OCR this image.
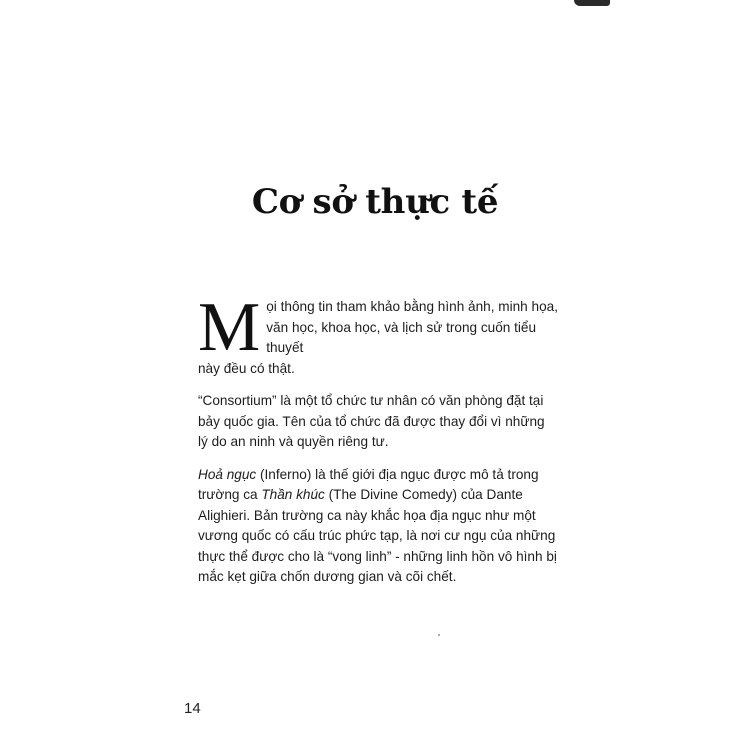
Cơ sở thực tế

M ọi thông tin tham khảo bằng hình ảnh, minh họa,
văn học, khoa học, và lịch sử trong cuốn tiểu thuyết
này đều có thật.

“Consortium” là một tổ chức tư nhân có văn phòng đặt tại bảy quốc gia. Tên của tổ chức đã được thay đổi vì những lý do an ninh và quyền riêng tư.

Hoả ngục (Inferno) là thế giới địa ngục được mô tả trong trường ca Thần khúc (The Divine Comedy) của Dante Alighieri. Bản trường ca này khắc họa địa ngục như một vương quốc có cấu trúc phức tạp, là nơi cư ngụ của những thực thể được cho là “vong linh” - những linh hồn vô hình bị mắc kẹt giữa chốn dương gian và cõi chết.

14
